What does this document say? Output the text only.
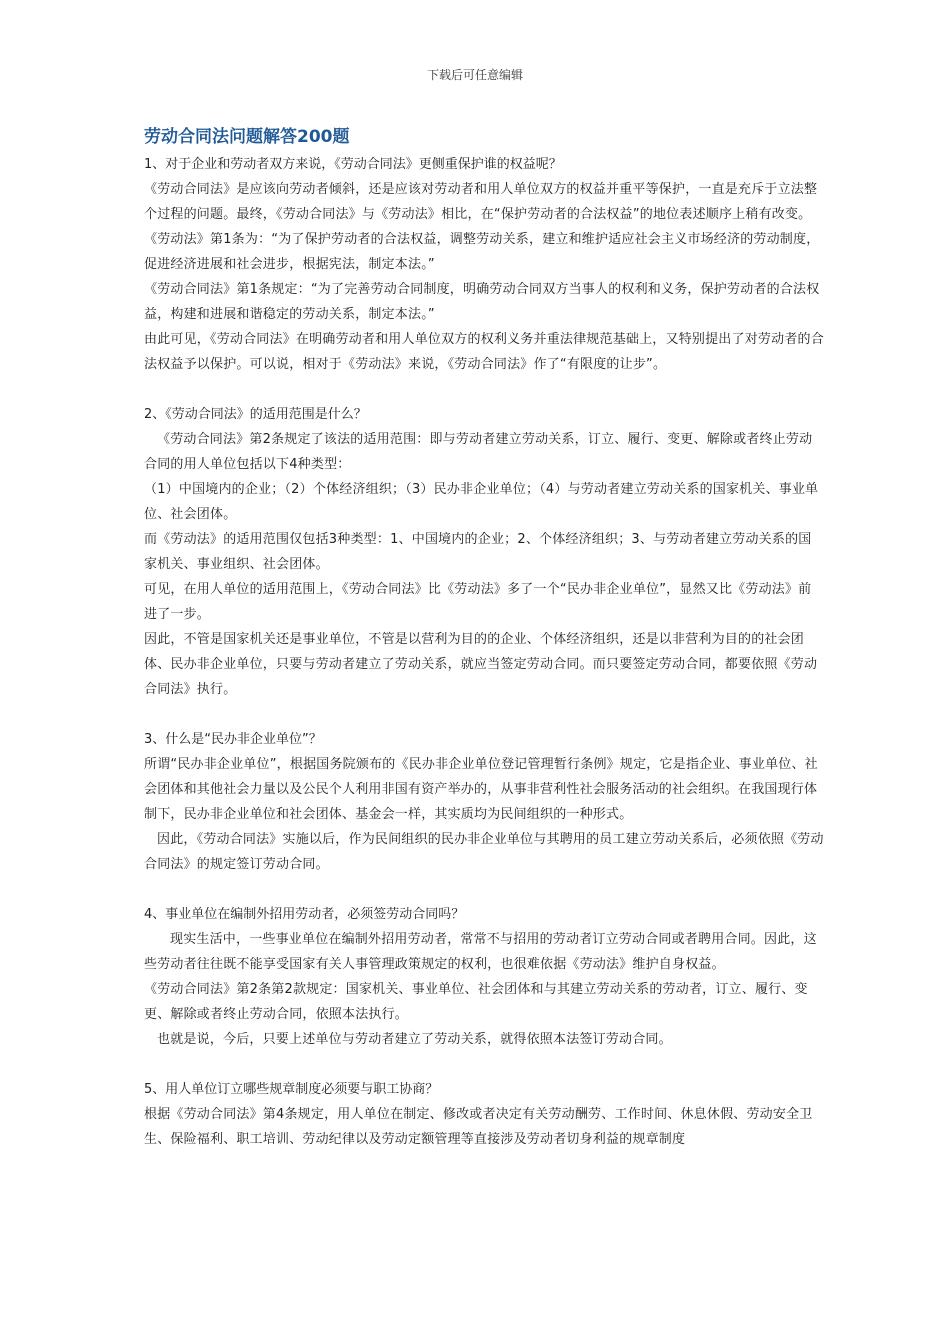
下载后可任意编辑
劳动合同法问题解答200题

1、对于企业和劳动者双方来说，《劳动合同法》更侧重保护谁的权益呢？

《劳动合同法》是应该向劳动者倾斜，还是应该对劳动者和用人单位双方的权益并重平等保护，一直是充斥于立法整个过程的问题。最终，《劳动合同法》与《劳动法》相比，在“保护劳动者的合法权益”的地位表述顺序上稍有改变。

《劳动法》第1条为：“为了保护劳动者的合法权益，调整劳动关系，建立和维护适应社会主义市场经济的劳动制度，促进经济进展和社会进步，根据宪法，制定本法。”

《劳动合同法》第1条规定：“为了完善劳动合同制度，明确劳动合同双方当事人的权利和义务，保护劳动者的合法权益，构建和进展和谐稳定的劳动关系，制定本法。”

由此可见，《劳动合同法》在明确劳动者和用人单位双方的权利义务并重法律规范基础上，又特别提出了对劳动者的合法权益予以保护。可以说，相对于《劳动法》来说，《劳动合同法》作了“有限度的让步”。

2、《劳动合同法》的适用范围是什么？

《劳动合同法》第2条规定了该法的适用范围：即与劳动者建立劳动关系，订立、履行、变更、解除或者终止劳动合同的用人单位包括以下4种类型：

（1）中国境内的企业；（2）个体经济组织；（3）民办非企业单位；（4）与劳动者建立劳动关系的国家机关、事业单位、社会团体。

而《劳动法》的适用范围仅包括3种类型：1、中国境内的企业；2、个体经济组织；3、与劳动者建立劳动关系的国家机关、事业组织、社会团体。

可见，在用人单位的适用范围上，《劳动合同法》比《劳动法》多了一个“民办非企业单位”，显然又比《劳动法》前进了一步。

因此，不管是国家机关还是事业单位，不管是以营利为目的的企业、个体经济组织，还是以非营利为目的的社会团体、民办非企业单位，只要与劳动者建立了劳动关系，就应当签定劳动合同。而只要签定劳动合同，都要依照《劳动合同法》执行。

3、什么是“民办非企业单位”？

所谓“民办非企业单位”，根据国务院颁布的《民办非企业单位登记管理暂行条例》规定，它是指企业、事业单位、社会团体和其他社会力量以及公民个人利用非国有资产举办的，从事非营利性社会服务活动的社会组织。在我国现行体制下，民办非企业单位和社会团体、基金会一样，其实质均为民间组织的一种形式。

因此，《劳动合同法》实施以后，作为民间组织的民办非企业单位与其聘用的员工建立劳动关系后，必须依照《劳动合同法》的规定签订劳动合同。

4、事业单位在编制外招用劳动者，必须签劳动合同吗？

现实生活中，一些事业单位在编制外招用劳动者，常常不与招用的劳动者订立劳动合同或者聘用合同。因此，这些劳动者往往既不能享受国家有关人事管理政策规定的权利，也很难依据《劳动法》维护自身权益。

《劳动合同法》第2条第2款规定：国家机关、事业单位、社会团体和与其建立劳动关系的劳动者，订立、履行、变更、解除或者终止劳动合同，依照本法执行。

也就是说，今后，只要上述单位与劳动者建立了劳动关系，就得依照本法签订劳动合同。

5、用人单位订立哪些规章制度必须要与职工协商？

根据《劳动合同法》第4条规定，用人单位在制定、修改或者决定有关劳动酬劳、工作时间、休息休假、劳动安全卫生、保险福利、职工培训、劳动纪律以及劳动定额管理等直接涉及劳动者切身利益的规章制度
